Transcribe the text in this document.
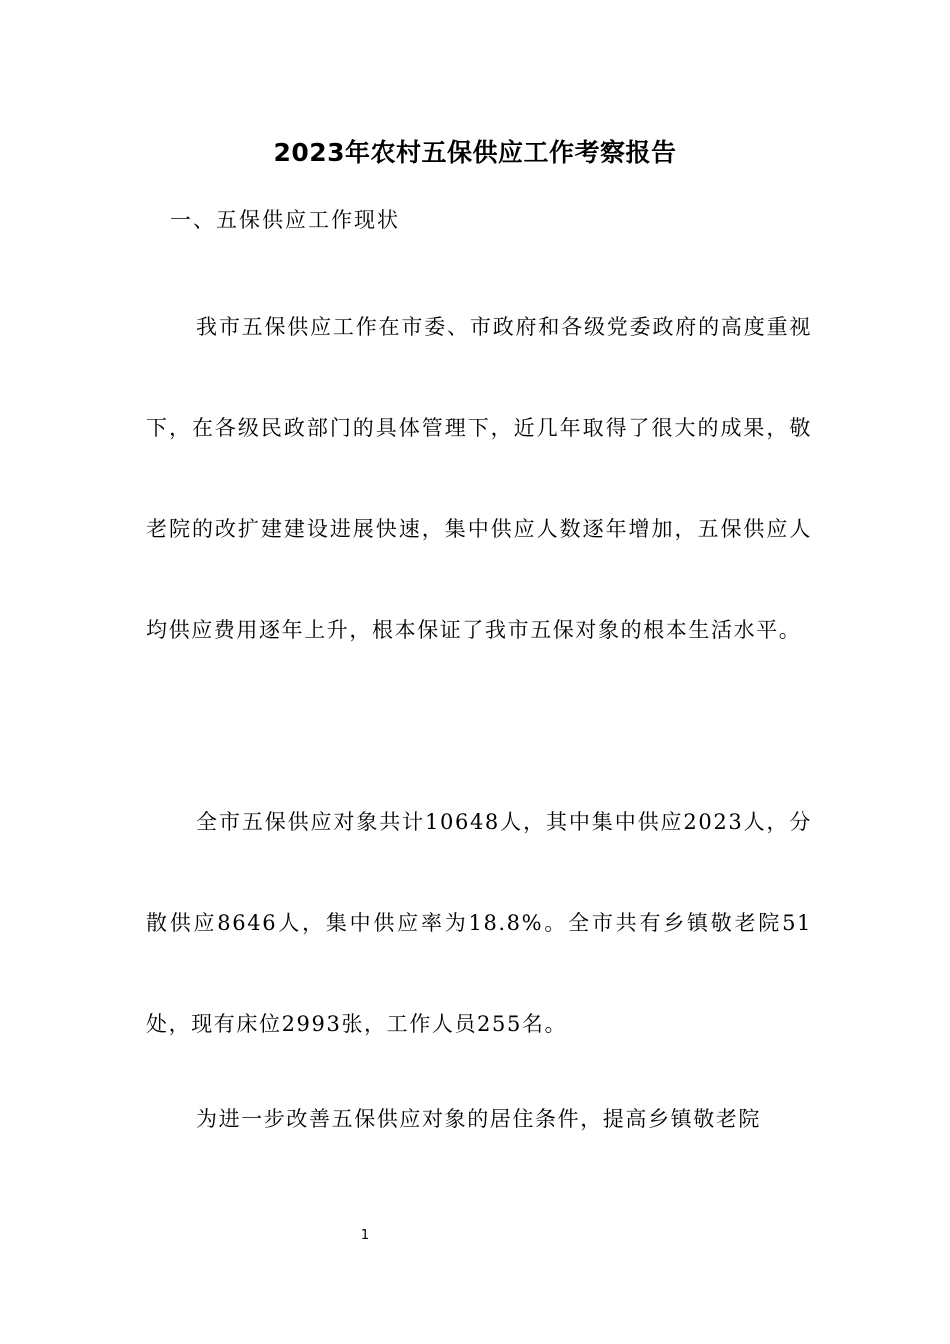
2023年农村五保供应工作考察报告
一、五保供应工作现状

我市五保供应工作在市委、市政府和各级党委政府的高度重视下，在各级民政部门的具体管理下，近几年取得了很大的成果，敬老院的改扩建建设进展快速，集中供应人数逐年增加，五保供应人均供应费用逐年上升，根本保证了我市五保对象的根本生活水平。

全市五保供应对象共计10648人，其中集中供应2023人，分散供应8646人，集中供应率为18.8%。全市共有乡镇敬老院51处，现有床位2993张，工作人员255名。

为进一步改善五保供应对象的居住条件，提高乡镇敬老院

1
